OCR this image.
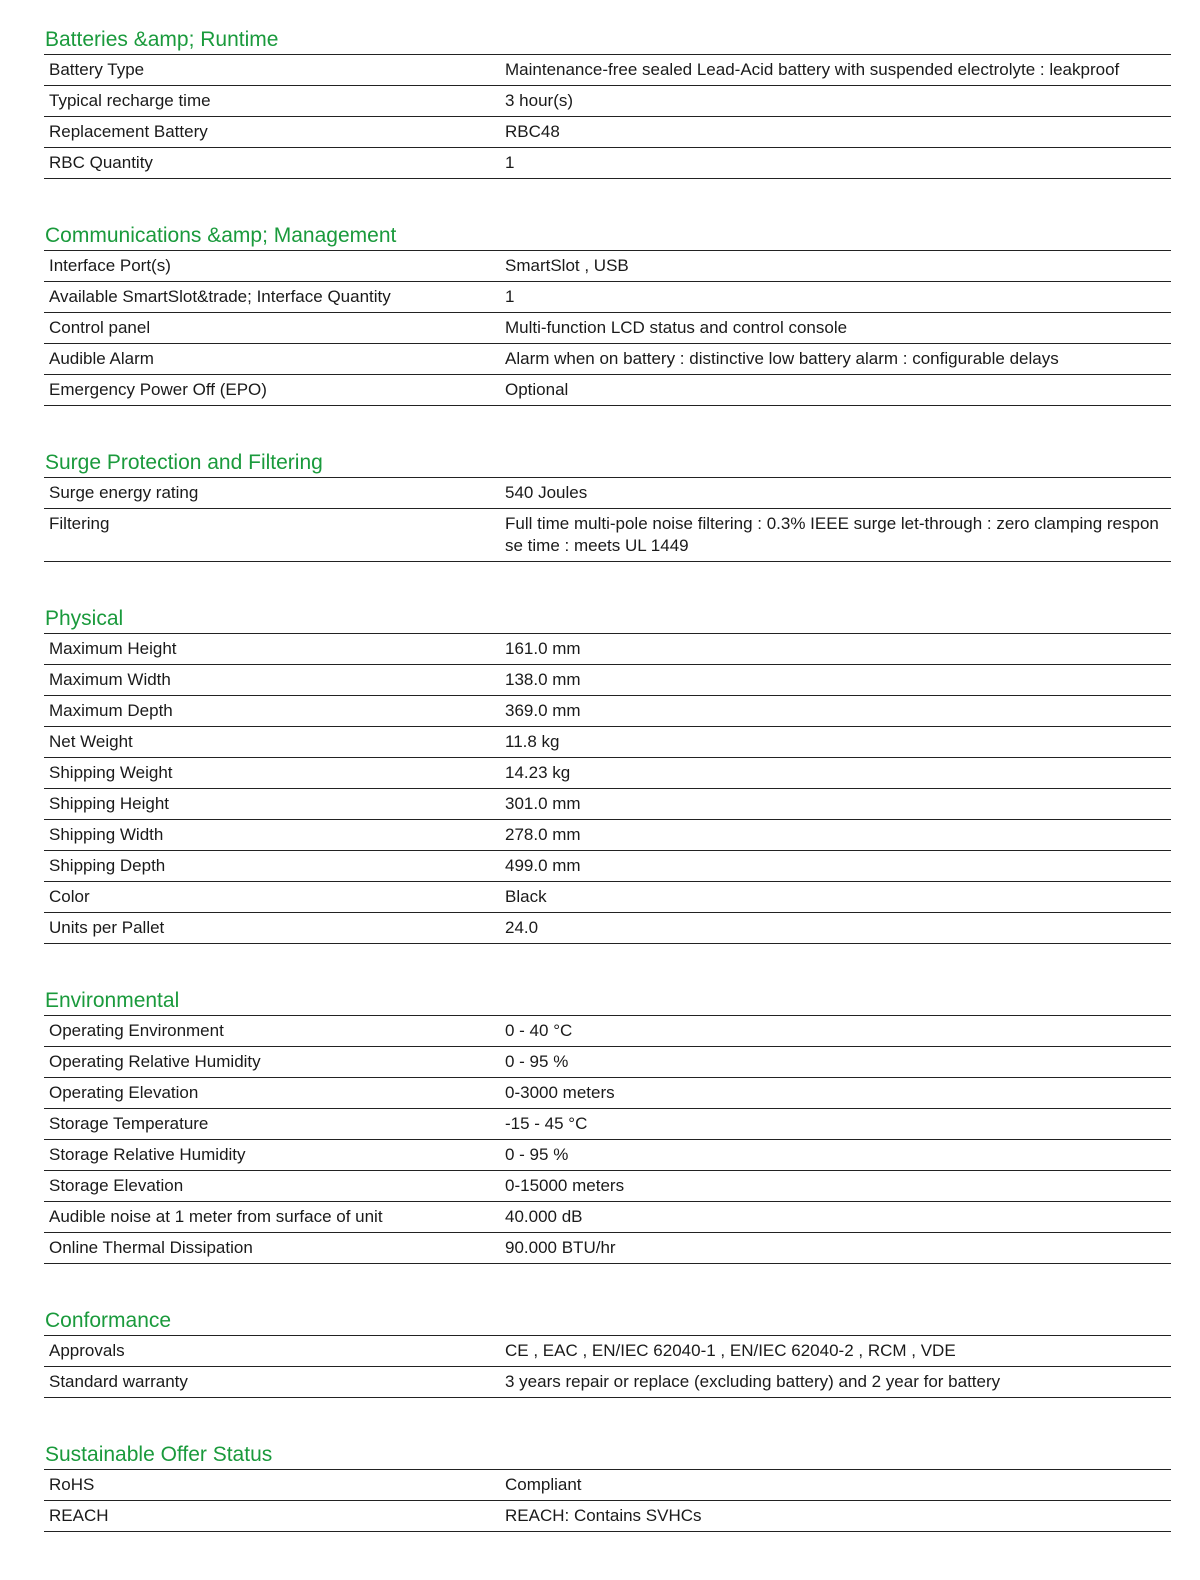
Batteries &amp; Runtime
Battery Type	Maintenance-free sealed Lead-Acid battery with suspended electrolyte : leakproof
Typical recharge time	3 hour(s)
Replacement Battery	RBC48
RBC Quantity	1
Communications &amp; Management
Interface Port(s)	SmartSlot , USB
Available SmartSlot&trade; Interface Quantity	1
Control panel	Multi-function LCD status and control console
Audible Alarm	Alarm when on battery : distinctive low battery alarm : configurable delays
Emergency Power Off (EPO)	Optional
Surge Protection and Filtering
Surge energy rating	540 Joules
Filtering	Full time multi-pole noise filtering : 0.3% IEEE surge let-through : zero clamping response time : meets UL 1449
Physical
Maximum Height	161.0 mm
Maximum Width	138.0 mm
Maximum Depth	369.0 mm
Net Weight	11.8 kg
Shipping Weight	14.23 kg
Shipping Height	301.0 mm
Shipping Width	278.0 mm
Shipping Depth	499.0 mm
Color	Black
Units per Pallet	24.0
Environmental
Operating Environment	0 - 40 °C
Operating Relative Humidity	0 - 95 %
Operating Elevation	0-3000 meters
Storage Temperature	-15 - 45 °C
Storage Relative Humidity	0 - 95 %
Storage Elevation	0-15000 meters
Audible noise at 1 meter from surface of unit	40.000 dB
Online Thermal Dissipation	90.000 BTU/hr
Conformance
Approvals	CE , EAC , EN/IEC 62040-1 , EN/IEC 62040-2 , RCM , VDE
Standard warranty	3 years repair or replace (excluding battery) and 2 year for battery
Sustainable Offer Status
RoHS	Compliant
REACH	REACH: Contains SVHCs
